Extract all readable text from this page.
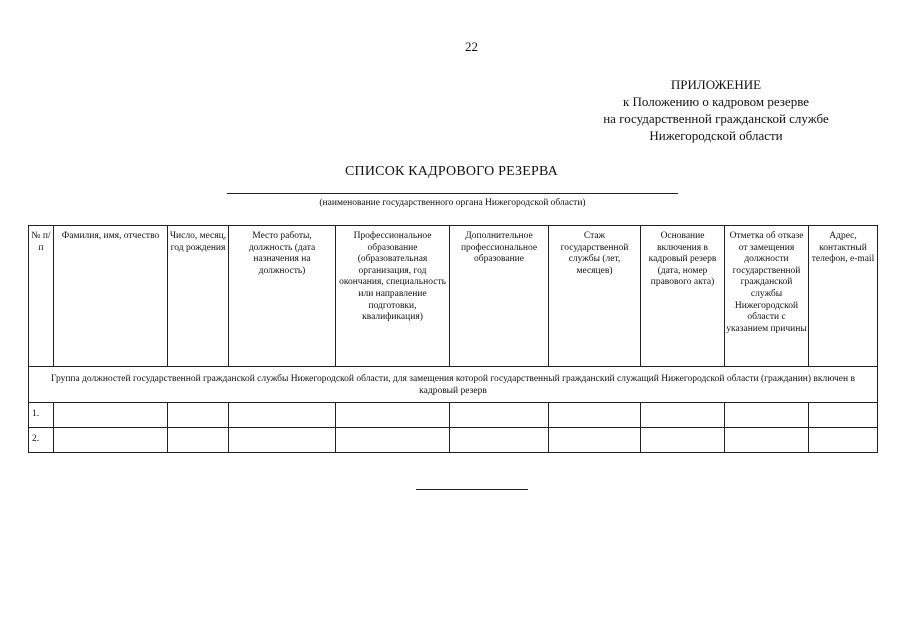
22
ПРИЛОЖЕНИЕ
к Положению о кадровом резерве
на государственной гражданской службе
Нижегородской области
СПИСОК КАДРОВОГО РЕЗЕРВА
(наименование государственного органа Нижегородской области)
№ п/п	Фамилия, имя, отчество	Число, месяц, год рождения	Место работы, должность (дата назначения на должность)	Профессиональное образование (образовательная организация, год окончания, специальность или направление подготовки, квалификация)	Дополнительное профессиональное образование	Стаж государственной службы (лет, месяцев)	Основание включения в кадровый резерв (дата, номер правового акта)	Отметка об отказе от замещения должности государственной гражданской службы Нижегородской области с указанием причины	Адрес, контактный телефон, e-mail
Группа должностей государственной гражданской службы Нижегородской области, для замещения которой государственный гражданский служащий Нижегородской области (гражданин) включен в кадровый резерв									
1.									
2.									
